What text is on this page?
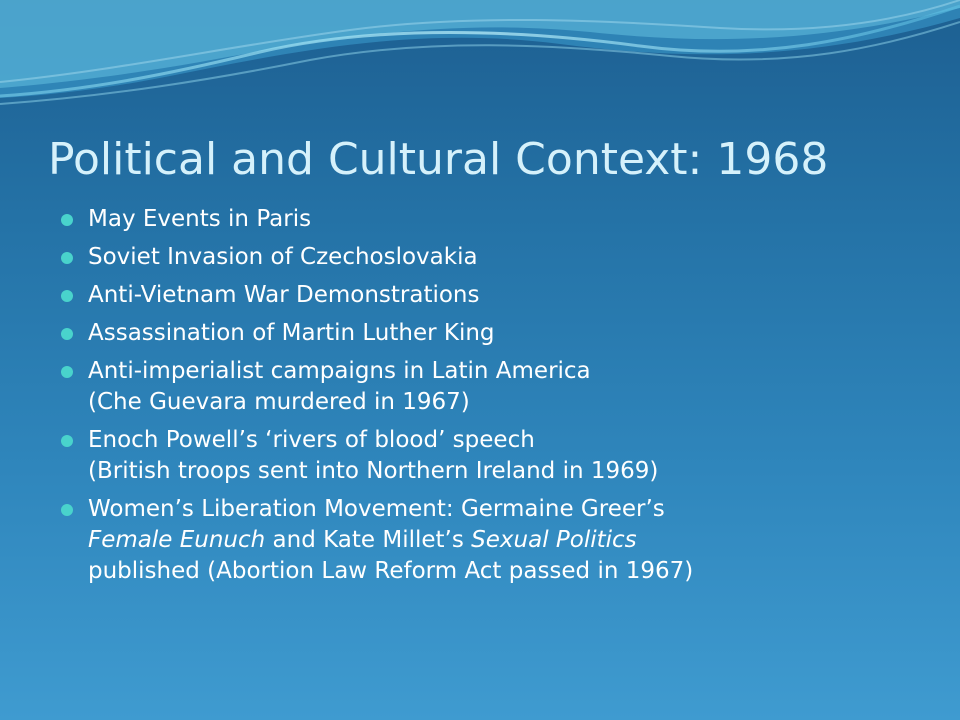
Political and Cultural Context: 1968
May Events in Paris
Soviet Invasion of Czechoslovakia
Anti-Vietnam War Demonstrations
Assassination of Martin Luther King
Anti-imperialist campaigns in Latin America
(Che Guevara murdered in 1967)
Enoch Powell’s ‘rivers of blood’ speech
(British troops sent into Northern Ireland in 1969)
Women’s Liberation Movement: Germaine Greer’s
Female Eunuch and Kate Millet’s Sexual Politics
published (Abortion Law Reform Act passed in 1967)
